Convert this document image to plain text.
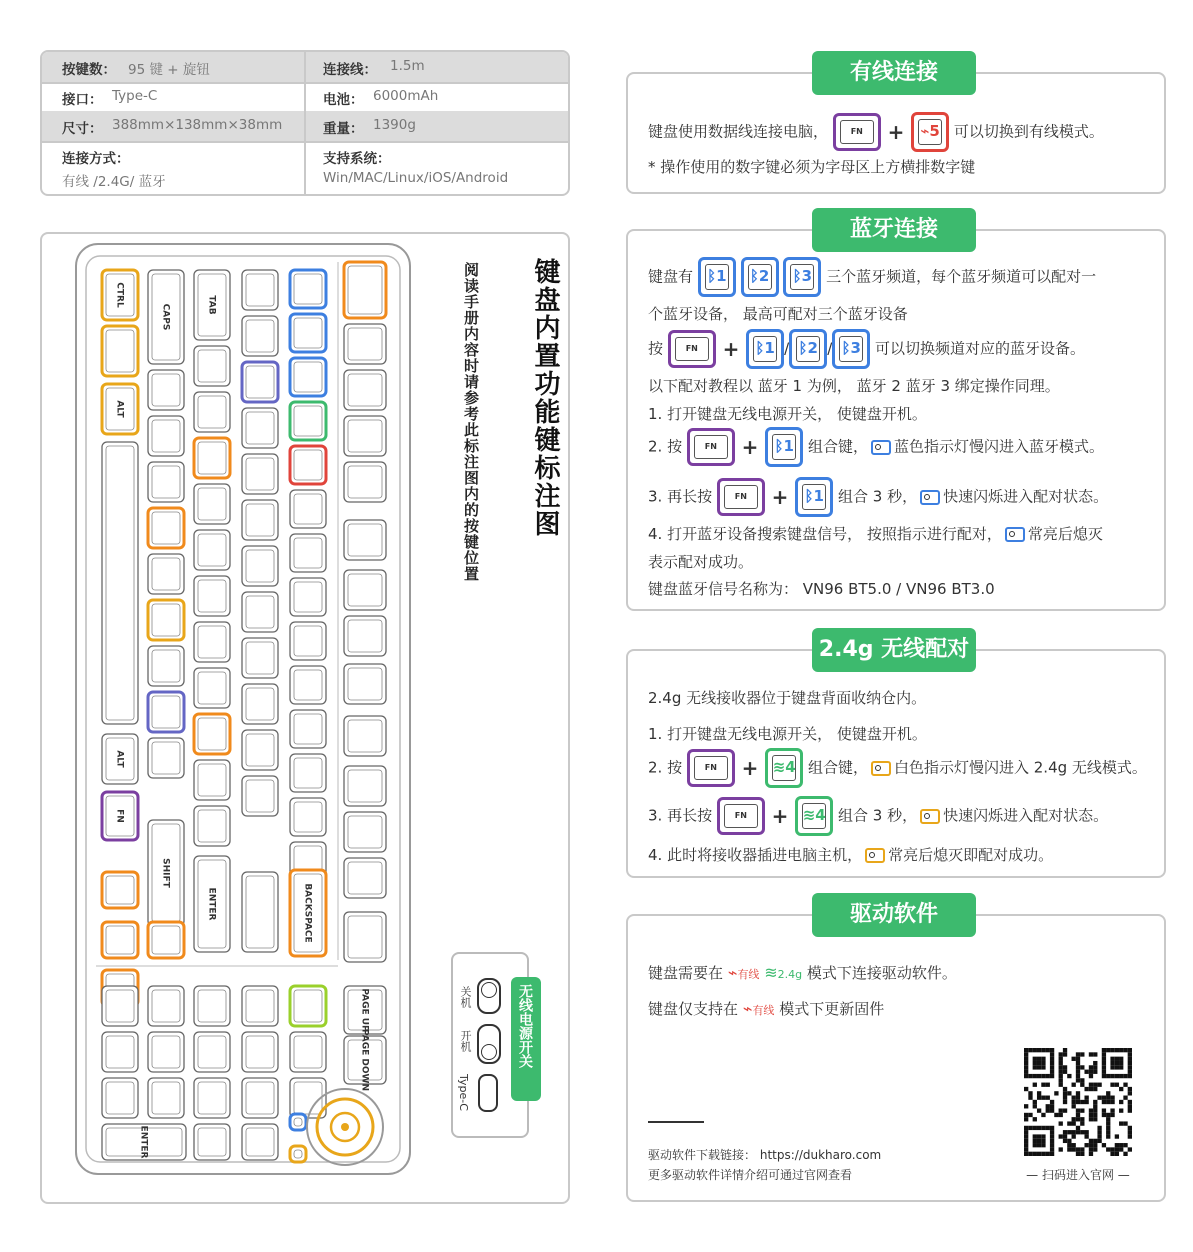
按键数： 95 键 + 旋钮	连接线： 1.5m
接口： Type-C	电池： 6000mAh
尺寸： 388mm×138mm×38mm	重量： 1390g
连接方式：
有线 /2.4G/ 蓝牙
支持系统：
Win/MAC/Linux/iOS/Android
BACKSPACE
TAB
ENTER
CAPS
SHIFT
CTRL
ALT
ALT
FN
ENTER
PAGE UP
PAGE DOWN
键盘内置功能键标注图
阅读手册内容时请参考此标注图内的按键位置
无线电源开关
关机
开机
Type-C
有线连接
键盘使用数据线连接电脑，	FN	+	⌁5 可以切换到有线模式。
* 操作使用的数字键必须为字母区上方横排数字键
蓝牙连接
键盘有 ᛒ1
	ᛒ2
	ᛒ3 三个蓝牙频道，每个蓝牙频道可以配对一
个蓝牙设备， 最高可配对三个蓝牙设备
按	FN	+	ᛒ1 / ᛒ2 / ᛒ3 可以切换频道对应的蓝牙设备。
以下配对教程以 蓝牙 1 为例， 蓝牙 2 蓝牙 3 绑定操作同理。
1. 打开键盘无线电源开关， 使键盘开机。
2. 按	FN	+	ᛒ1 组合键， 蓝色指示灯慢闪进入蓝牙模式。
3. 再长按	FN	+	ᛒ1 组合 3 秒， 快速闪烁进入配对状态。
4. 打开蓝牙设备搜索键盘信号， 按照指示进行配对， 常亮后熄灭
表示配对成功。
键盘蓝牙信号名称为： VN96 BT5.0 / VN96 BT3.0
2.4g 无线配对
2.4g 无线接收器位于键盘背面收纳仓内。
1. 打开键盘无线电源开关， 使键盘开机。
2. 按	FN	+ ≋4 组合键， 白色指示灯慢闪进入 2.4g 无线模式。
3. 再长按	FN	+ ≋4 组合 3 秒， 快速闪烁进入配对状态。
4. 此时将接收器插进电脑主机， 常亮后熄灭即配对成功。
驱动软件
键盘需要在 ⌁有线 ≋2.4g 模式下连接驱动软件。
键盘仅支持在 ⌁有线 模式下更新固件
驱动软件下载链接： https://dukharo.com
更多驱动软件详情介绍可通过官网查看	— 扫码进入官网 —
